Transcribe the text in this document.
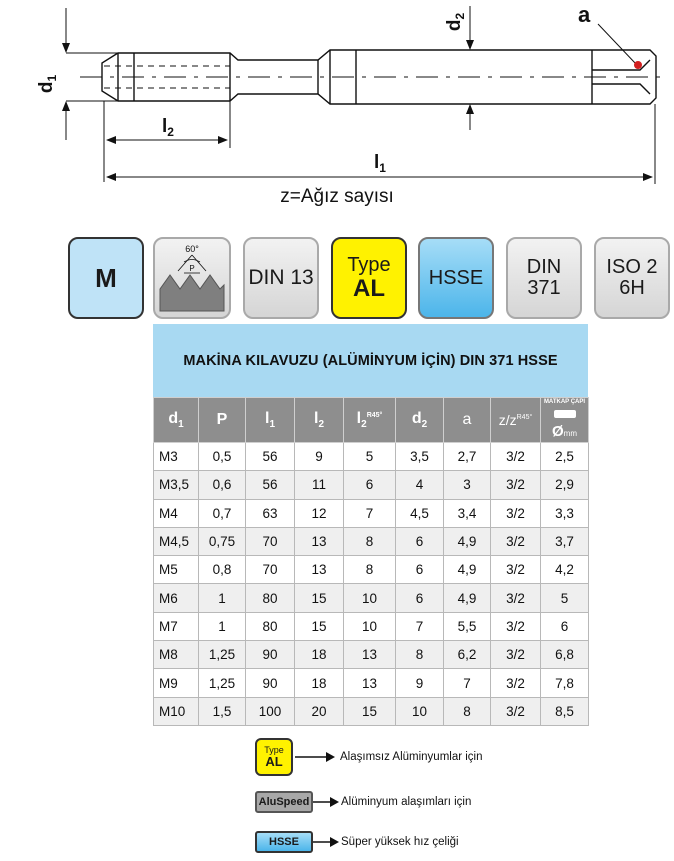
$d_1$
$d_2$
$l_2$
$l_1$
a
z=Ağız sayısı
M
60°
P	DIN 13
Type
AL HSSE DIN
371
ISO 2
6H
MAKİNA KILAVUZU (ALÜMİNYUM İÇİN) DIN 371 HSSE
$d_1$	P	$l_1$	$l_2$	$l_2^{R45^\circ}$	$d_2$	a	$z/z^{R45^\circ}$	MATKAP ÇAPI

Ømm
M3	0,5	56	9	5	3,5	2,7	3/2	2,5
M3,5	0,6	56	11	6	4	3	3/2	2,9
M4	0,7	63	12	7	4,5	3,4	3/2	3,3
M4,5	0,75	70	13	8	6	4,9	3/2	3,7
M5	0,8	70	13	8	6	4,9	3/2	4,2
M6	1	80	15	10	6	4,9	3/2	5
M7	1	80	15	10	7	5,5	3/2	6
M8	1,25	90	18	13	8	6,2	3/2	6,8
M9	1,25	90	18	13	9	7	3/2	7,8
M10	1,5	100	20	15	10	8	3/2	8,5
Type
AL	Alaşımsız Alüminyumlar için
AluSpeed	Alüminyum alaşımları için
HSSE	Süper yüksek hız çeliği
